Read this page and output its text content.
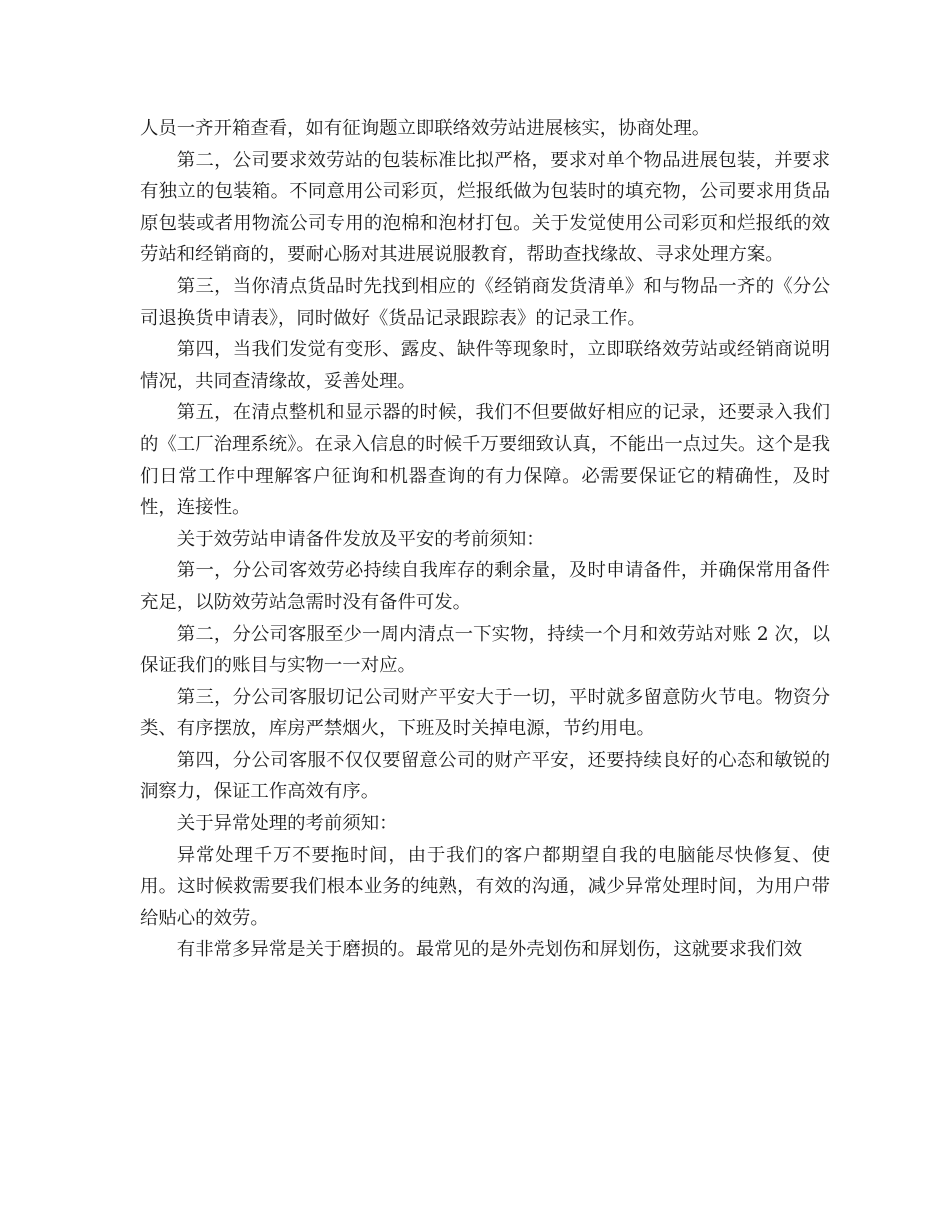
人员一齐开箱查看，如有征询题立即联络效劳站进展核实，协商处理。

第二，公司要求效劳站的包装标准比拟严格，要求对单个物品进展包装，并要求有独立的包装箱。不同意用公司彩页，烂报纸做为包装时的填充物，公司要求用货品原包装或者用物流公司专用的泡棉和泡材打包。关于发觉使用公司彩页和烂报纸的效劳站和经销商的，要耐心肠对其进展说服教育，帮助查找缘故、寻求处理方案。

第三，当你清点货品时先找到相应的《经销商发货清单》和与物品一齐的《分公司退换货申请表》，同时做好《货品记录跟踪表》的记录工作。

第四，当我们发觉有变形、露皮、缺件等现象时，立即联络效劳站或经销商说明情况，共同查清缘故，妥善处理。

第五，在清点整机和显示器的时候，我们不但要做好相应的记录，还要录入我们的《工厂治理系统》。在录入信息的时候千万要细致认真，不能出一点过失。这个是我们日常工作中理解客户征询和机器查询的有力保障。必需要保证它的精确性，及时性，连接性。

关于效劳站申请备件发放及平安的考前须知：

第一，分公司客效劳必持续自我库存的剩余量，及时申请备件，并确保常用备件充足，以防效劳站急需时没有备件可发。

第二，分公司客服至少一周内清点一下实物，持续一个月和效劳站对账 2 次，以保证我们的账目与实物一一对应。

第三，分公司客服切记公司财产平安大于一切，平时就多留意防火节电。物资分类、有序摆放，库房严禁烟火，下班及时关掉电源，节约用电。

第四，分公司客服不仅仅要留意公司的财产平安，还要持续良好的心态和敏锐的洞察力，保证工作高效有序。

关于异常处理的考前须知：

异常处理千万不要拖时间，由于我们的客户都期望自我的电脑能尽快修复、使用。这时候救需要我们根本业务的纯熟，有效的沟通，减少异常处理时间，为用户带给贴心的效劳。

有非常多异常是关于磨损的。最常见的是外壳划伤和屏划伤，这就要求我们效
